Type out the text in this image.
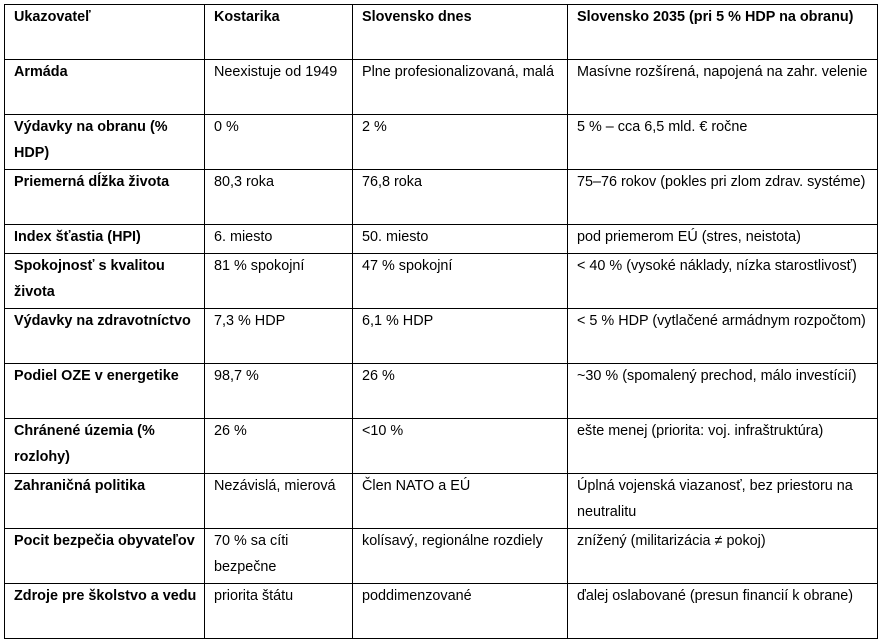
Ukazovateľ	Kostarika	Slovensko dnes	Slovensko 2035 (pri 5 % HDP na obranu)
Armáda	Neexistuje od 1949	Plne profesionalizovaná, malá	Masívne rozšírená, napojená na zahr. velenie
Výdavky na obranu (% HDP)	0 %	2 %	5 % – cca 6,5 mld. € ročne
Priemerná dĺžka života	80,3 roka	76,8 roka	75–76 rokov (pokles pri zlom zdrav. systéme)
Index šťastia (HPI)	6. miesto	50. miesto	pod priemerom EÚ (stres, neistota)
Spokojnosť s kvalitou života	81 % spokojní	47 % spokojní	< 40 % (vysoké náklady, nízka starostlivosť)
Výdavky na zdravotníctvo	7,3 % HDP	6,1 % HDP	< 5 % HDP (vytlačené armádnym rozpočtom)
Podiel OZE v energetike	98,7 %	26 %	~30 % (spomalený prechod, málo investícií)
Chránené územia (% rozlohy)	26 %	<10 %	ešte menej (priorita: voj. infraštruktúra)
Zahraničná politika	Nezávislá, mierová	Člen NATO a EÚ	Úplná vojenská viazanosť, bez priestoru na neutralitu
Pocit bezpečia obyvateľov	70 % sa cíti bezpečne	kolísavý, regionálne rozdiely	znížený (militarizácia ≠ pokoj)
Zdroje pre školstvo a vedu	priorita štátu	poddimenzované	ďalej oslabované (presun financií k obrane)
